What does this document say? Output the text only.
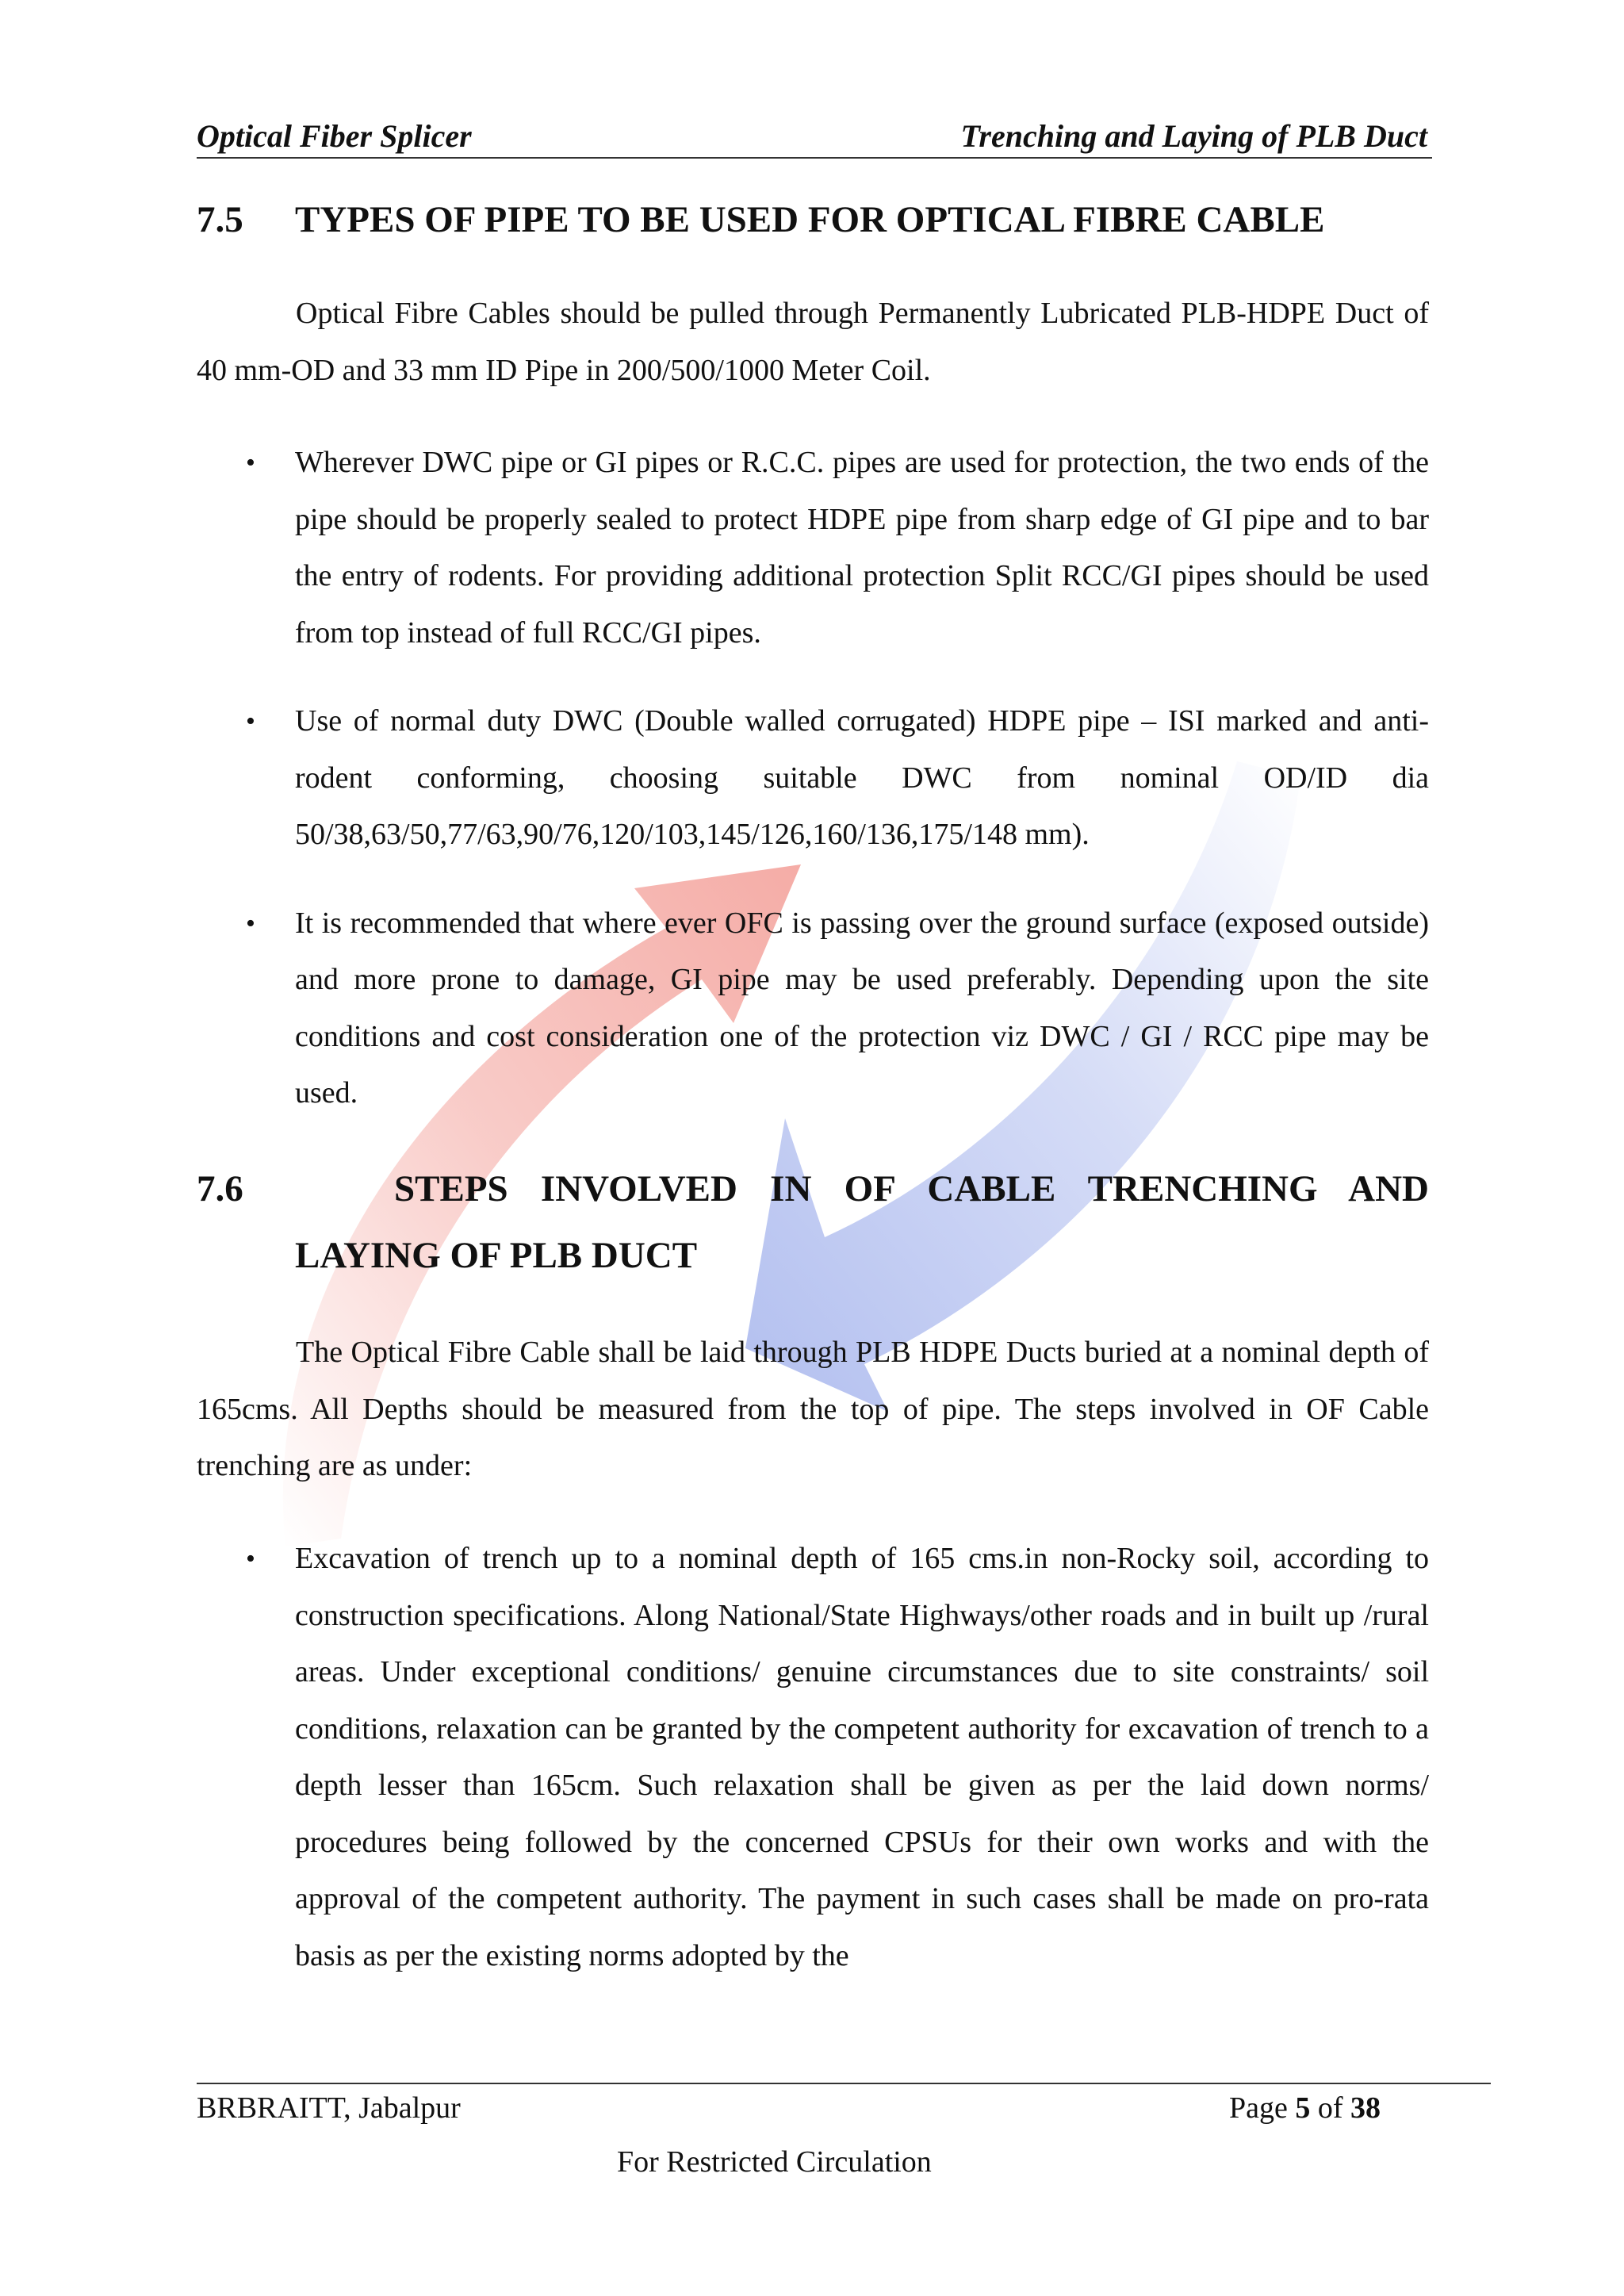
Optical Fiber Splicer	Trenching and Laying of PLB Duct
7.5 TYPES OF PIPE TO BE USED FOR OPTICAL FIBRE CABLE

Optical Fibre Cables should be pulled through Permanently Lubricated PLB-HDPE Duct of 40 mm-OD and 33 mm ID Pipe in 200/500/1000 Meter Coil.

• Wherever DWC pipe or GI pipes or R.C.C. pipes are used for protection, the two ends of the pipe should be properly sealed to protect HDPE pipe from sharp edge of GI pipe and to bar the entry of rodents. For providing additional protection Split RCC/GI pipes should be used from top instead of full RCC/GI pipes.
• Use of normal duty DWC (Double walled corrugated) HDPE pipe – ISI marked and anti-rodent conforming, choosing suitable DWC from nominal OD/ID dia 50/38,63/50,77/63,90/76,120/103,145/126,160/136,175/148 mm).
• It is recommended that where ever OFC is passing over the ground surface (exposed outside) and more prone to damage, GI pipe may be used preferably. Depending upon the site conditions and cost consideration one of the protection viz DWC / GI / RCC pipe may be used.
7.6	STEPS INVOLVED IN OF CABLE TRENCHING AND
LAYING OF PLB DUCT

The Optical Fibre Cable shall be laid through PLB HDPE Ducts buried at a nominal depth of 165cms. All Depths should be measured from the top of pipe. The steps involved in OF Cable trenching are as under:

• Excavation of trench up to a nominal depth of 165 cms.in non-Rocky soil, according to construction specifications. Along National/State Highways/other roads and in built up /rural areas. Under exceptional conditions/ genuine circumstances due to site constraints/ soil conditions, relaxation can be granted by the competent authority for excavation of trench to a depth lesser than 165cm. Such relaxation shall be given as per the laid down norms/ procedures being followed by the concerned CPSUs for their own works and with the approval of the competent authority. The payment in such cases shall be made on pro-rata basis as per the existing norms adopted by the
BRBRAITT, Jabalpur	Page 5 of 38
For Restricted Circulation
